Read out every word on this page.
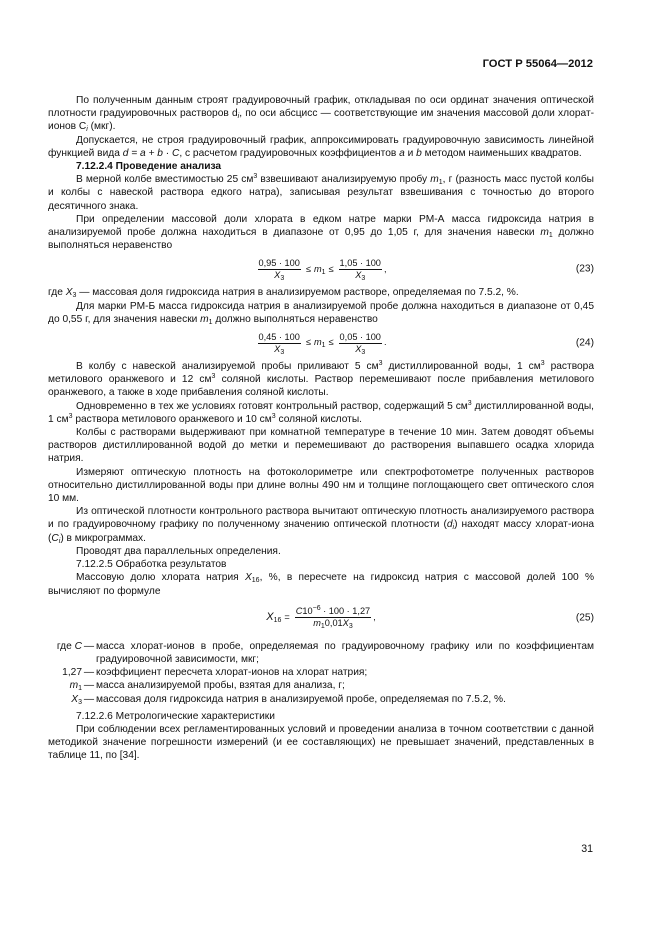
ГОСТ Р 55064—2012

По полученным данным строят градуировочный график, откладывая по оси ординат значения оптической плотности градуировочных растворов $d_i$, по оси абсцисс — соответствующие им значения массовой доли хлорат-ионов $C_i$ (мкг).

Допускается, не строя градуировочный график, аппроксимировать градуировочную зависимость линейной функцией вида d = a + b · C, с расчетом градуировочных коэффициентов a и b методом наименьших квадратов.

7.12.2.4 Проведение анализа

В мерной колбе вместимостью 25 $см^3$ взвешивают анализируемую пробу $m_1$, г (разность масс пустой колбы и колбы с навеской раствора едкого натра), записывая результат взвешивания с точностью до второго десятичного знака.

При определении массовой доли хлората в едком натре марки РМ-А масса гидроксида натрия в анализируемой пробе должна находиться в диапазоне от 0,95 до 1,05 г, для значения навески $m_1$ должно выполняться неравенство

$\frac{0,95 \cdot 100}{X_3} \le m_1 \le \frac{1,05 \cdot 100}{X_3}$ ,	(23)

где $X_3$ — массовая доля гидроксида натрия в анализируемом растворе, определяемая по 7.5.2, %.

Для марки РМ-Б масса гидроксида натрия в анализируемой пробе должна находиться в диапазоне от 0,45 до 0,55 г, для значения навески $m_1$ должно выполняться неравенство

$\frac{0,45 \cdot 100}{X_3} \le m_1 \le \frac{0,05 \cdot 100}{X_3}$ .	(24)

В колбу с навеской анализируемой пробы приливают 5 $см^3$ дистиллированной воды, 1 $см^3$ раствора метилового оранжевого и 12 $см^3$ соляной кислоты. Раствор перемешивают после прибавления метилового оранжевого, а также в ходе прибавления соляной кислоты.

Одновременно в тех же условиях готовят контрольный раствор, содержащий 5 $см^3$ дистиллированной воды, 1 $см^3$ раствора метилового оранжевого и 10 $см^3$ соляной кислоты.

Колбы с растворами выдерживают при комнатной температуре в течение 10 мин. Затем доводят объемы растворов дистиллированной водой до метки и перемешивают до растворения выпавшего осадка хлорида натрия.

Измеряют оптическую плотность на фотоколориметре или спектрофотометре полученных растворов относительно дистиллированной воды при длине волны 490 нм и толщине поглощающего свет оптического слоя 10 мм.

Из оптической плотности контрольного раствора вычитают оптическую плотность анализируемого раствора и по градуировочному графику по полученному значению оптической плотности $(d_i)$ находят массу хлорат-иона $(C_i)$ в микрограммах.

Проводят два параллельных определения.

7.12.2.5 Обработка результатов

Массовую долю хлората натрия $X_{16}$, %, в пересчете на гидроксид натрия с массовой долей 100 % вычисляют по формуле

$X_{16} = \frac{C10^{-6} \cdot 100 \cdot 1,27}{m_10,01X_3}$ ,	(25)
где C — масса хлорат-ионов в пробе, определяемая по градуировочному графику или по коэффициентам градуировочной зависимости, мкг;
1,27 — коэффициент пересчета хлорат-ионов на хлорат натрия;
$m_1$ — масса анализируемой пробы, взятая для анализа, г;
$X_3$ — массовая доля гидроксида натрия в анализируемой пробе, определяемая по 7.5.2, %.
7.12.2.6 Метрологические характеристики

При соблюдении всех регламентированных условий и проведении анализа в точном соответствии с данной методикой значение погрешности измерений (и ее составляющих) не превышает значений, представленных в таблице 11, по [34].

31
